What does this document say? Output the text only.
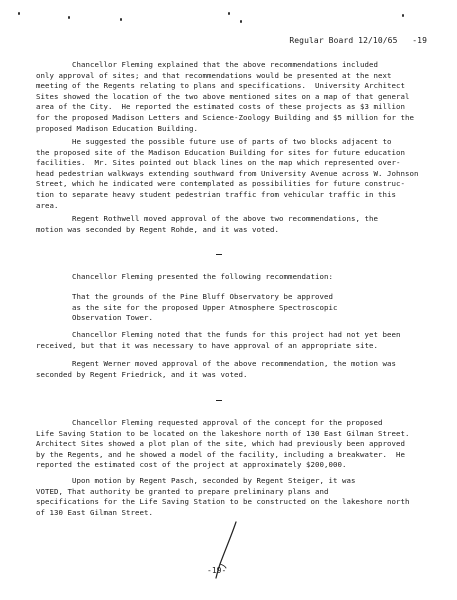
Regular Board 12/10/65   -19
Chancellor Fleming explained that the above recommendations included
only approval of sites; and that recommendations would be presented at the next
meeting of the Regents relating to plans and specifications.  University Architect
Sites showed the location of the two above mentioned sites on a map of that general
area of the City.  He reported the estimated costs of these projects as $3 million
for the proposed Madison Letters and Science-Zoology Building and $5 million for the
proposed Madison Education Building.
He suggested the possible future use of parts of two blocks adjacent to
the proposed site of the Madison Education Building for sites for future education
facilities.  Mr. Sites pointed out black lines on the map which represented over-
head pedestrian walkways extending southward from University Avenue across W. Johnson
Street, which he indicated were contemplated as possibilities for future construc-
tion to separate heavy student pedestrian traffic from vehicular traffic in this
area.
Regent Rothwell moved approval of the above two recommendations, the
motion was seconded by Regent Rohde, and it was voted.
Chancellor Fleming presented the following recommendation:
That the grounds of the Pine Bluff Observatory be approved
as the site for the proposed Upper Atmosphere Spectroscopic
Observation Tower.
Chancellor Fleming noted that the funds for this project had not yet been
received, but that it was necessary to have approval of an appropriate site.
Regent Werner moved approval of the above recommendation, the motion was
seconded by Regent Friedrick, and it was voted.
Chancellor Fleming requested approval of the concept for the proposed
Life Saving Station to be located on the lakeshore north of 130 East Gilman Street.
Architect Sites showed a plot plan of the site, which had previously been approved
by the Regents, and he showed a model of the facility, including a breakwater.  He
reported the estimated cost of the project at approximately $200,000.
Upon motion by Regent Pasch, seconded by Regent Steiger, it was
VOTED, That authority be granted to prepare preliminary plans and
specifications for the Life Saving Station to be constructed on the lakeshore north
of 130 East Gilman Street.
-19-
